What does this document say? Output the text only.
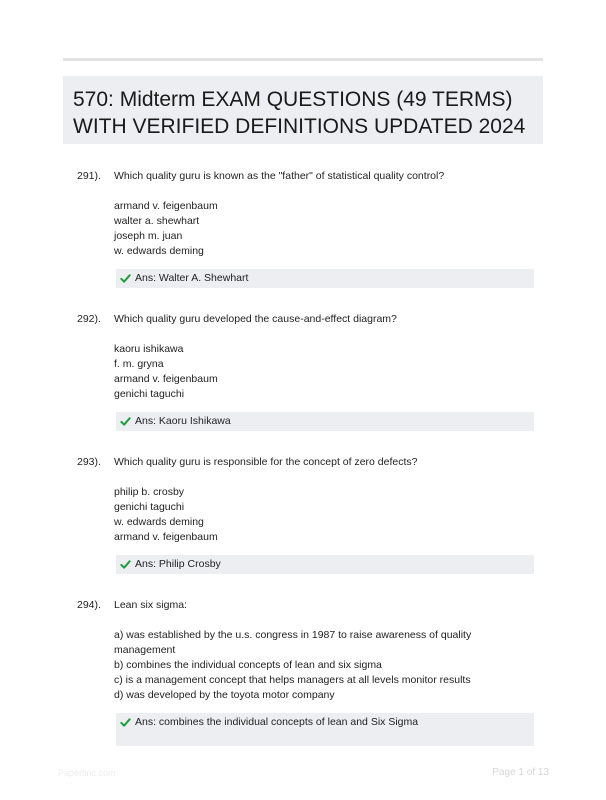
570: Midterm EXAM QUESTIONS (49 TERMS)
WITH VERIFIED DEFINITIONS UPDATED 2024
291). Which quality guru is known as the "father" of statistical quality control?
armand v. feigenbaum
walter a. shewhart
joseph m. juan
w. edwards deming
Ans: Walter A. Shewhart
292). Which quality guru developed the cause-and-effect diagram?
kaoru ishikawa
f. m. gryna
armand v. feigenbaum
genichi taguchi
Ans: Kaoru Ishikawa
293). Which quality guru is responsible for the concept of zero defects?
philip b. crosby
genichi taguchi
w. edwards deming
armand v. feigenbaum
Ans: Philip Crosby
294). Lean six sigma:
a) was established by the u.s. congress in 1987 to raise awareness of quality management
b) combines the individual concepts of lean and six sigma
c) is a management concept that helps managers at all levels monitor results
d) was developed by the toyota motor company
Ans: combines the individual concepts of lean and Six Sigma
Paperfinc.com	Page 1 of 13
